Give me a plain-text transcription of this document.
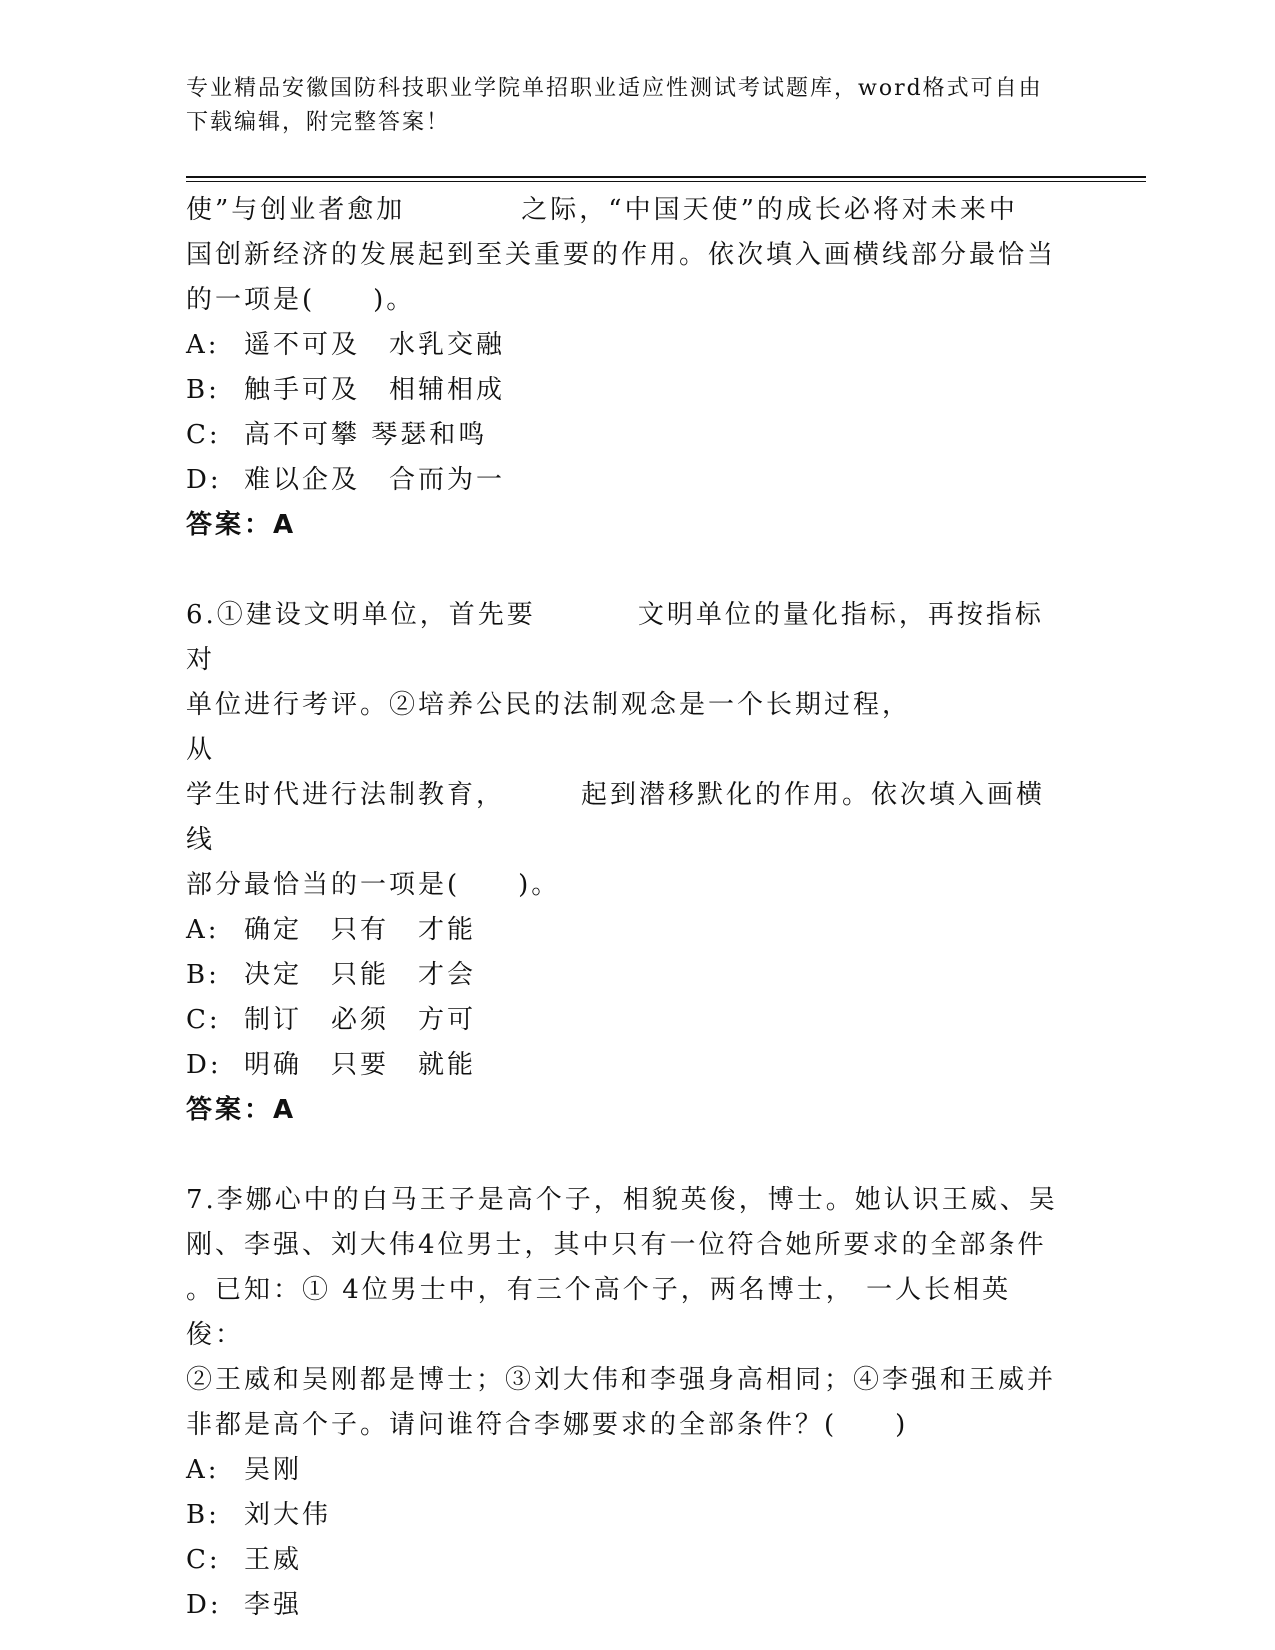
专业精品安徽国防科技职业学院单招职业适应性测试考试题库，word格式可自由下载编辑，附完整答案！
使”与创业者愈加	之际，“中国天使”的成长必将对未来中
国创新经济的发展起到至关重要的作用。依次填入画横线部分最恰当
的一项是(　　)。
A: 遥不可及　水乳交融
B: 触手可及　相辅相成
C: 高不可攀 琴瑟和鸣
D: 难以企及　合而为一
答案：A
6.①建设文明单位，首先要	文明单位的量化指标，再按指标对
单位进行考评。②培养公民的法制观念是一个长期过程，从
学生时代进行法制教育，	起到潜移默化的作用。依次填入画横线
部分最恰当的一项是(　　)。
A: 确定　只有　才能
B: 决定　只能　才会
C: 制订　必须　方可
D: 明确　只要　就能
答案：A
7.李娜心中的白马王子是高个子，相貌英俊，博士。她认识王威、吴
刚、李强、刘大伟4位男士，其中只有一位符合她所要求的全部条件
。已知：① 4位男士中，有三个高个子，两名博士， 一人长相英俊：
②王威和吴刚都是博士；③刘大伟和李强身高相同；④李强和王威并
非都是高个子。请问谁符合李娜要求的全部条件？(　　)
A: 吴刚
B: 刘大伟
C: 王威
D: 李强
